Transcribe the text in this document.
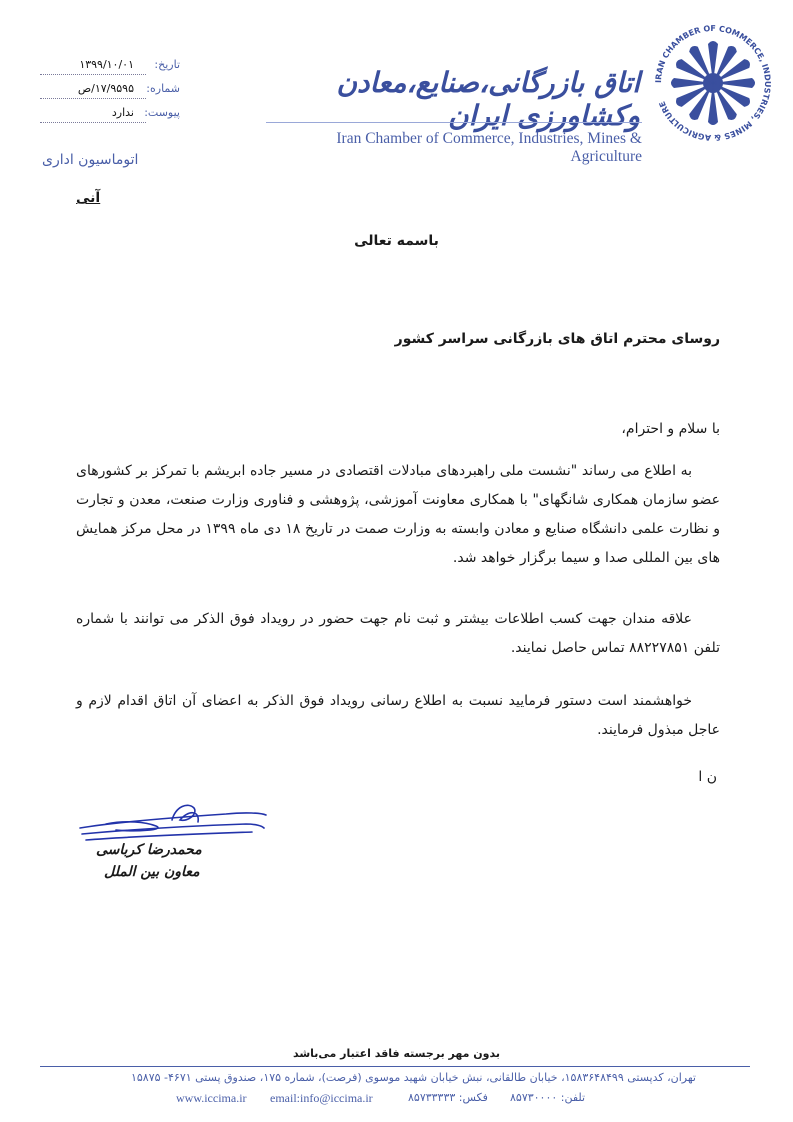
تاریخ:
۱۳۹۹/۱۰/۰۱
شماره:
۱۷/۹۵۹۵/ص
پیوست:
ندارد
اتاق بازرگانی،صنایع،معادن وکشاورزی ایران
Iran Chamber of Commerce, Industries, Mines & Agriculture
IRAN CHAMBER OF COMMERCE, INDUSTRIES, MINES & AGRICULTURE
اتوماسیون اداری
آنی
باسمه تعالی
روسای محترم اتاق های بازرگانی سراسر کشور
با سلام و احترام،
به اطلاع می رساند "نشست ملی راهبردهای مبادلات اقتصادی در مسیر جاده ابریشم با تمرکز بر کشورهای عضو سازمان همکاری شانگهای" با همکاری معاونت آموزشی، پژوهشی و فناوری وزارت صنعت، معدن و تجارت و نظارت علمی دانشگاه صنایع و معادن وابسته به وزارت صمت در تاریخ ۱۸ دی ماه ۱۳۹۹ در محل مرکز همایش های بین المللی صدا و سیما برگزار خواهد شد.
علاقه مندان جهت کسب اطلاعات بیشتر و ثبت نام جهت حضور در رویداد فوق الذکر می توانند با شماره تلفن ۸۸۲۲۷۸۵۱ تماس حاصل نمایند.
خواهشمند است دستور فرمایید نسبت به اطلاع رسانی رویداد فوق الذکر به اعضای آن اتاق اقدام لازم و عاجل مبذول فرمایند.
ن ا
محمدرضا کرباسی
معاون بین الملل
بدون مهر برجسته فاقد اعتبار می‌باشد
تهران، کدپستی ۱۵۸۳۶۴۸۴۹۹، خیابان طالقانی، نبش خیابان شهید موسوی (فرصت)، شماره ۱۷۵، صندوق پستی ۴۶۷۱- ۱۵۸۷۵
www.iccima.ir email:info@iccima.ir	فکس: ۸۵۷۳۳۳۳۳ تلفن: ۸۵۷۳۰۰۰۰
